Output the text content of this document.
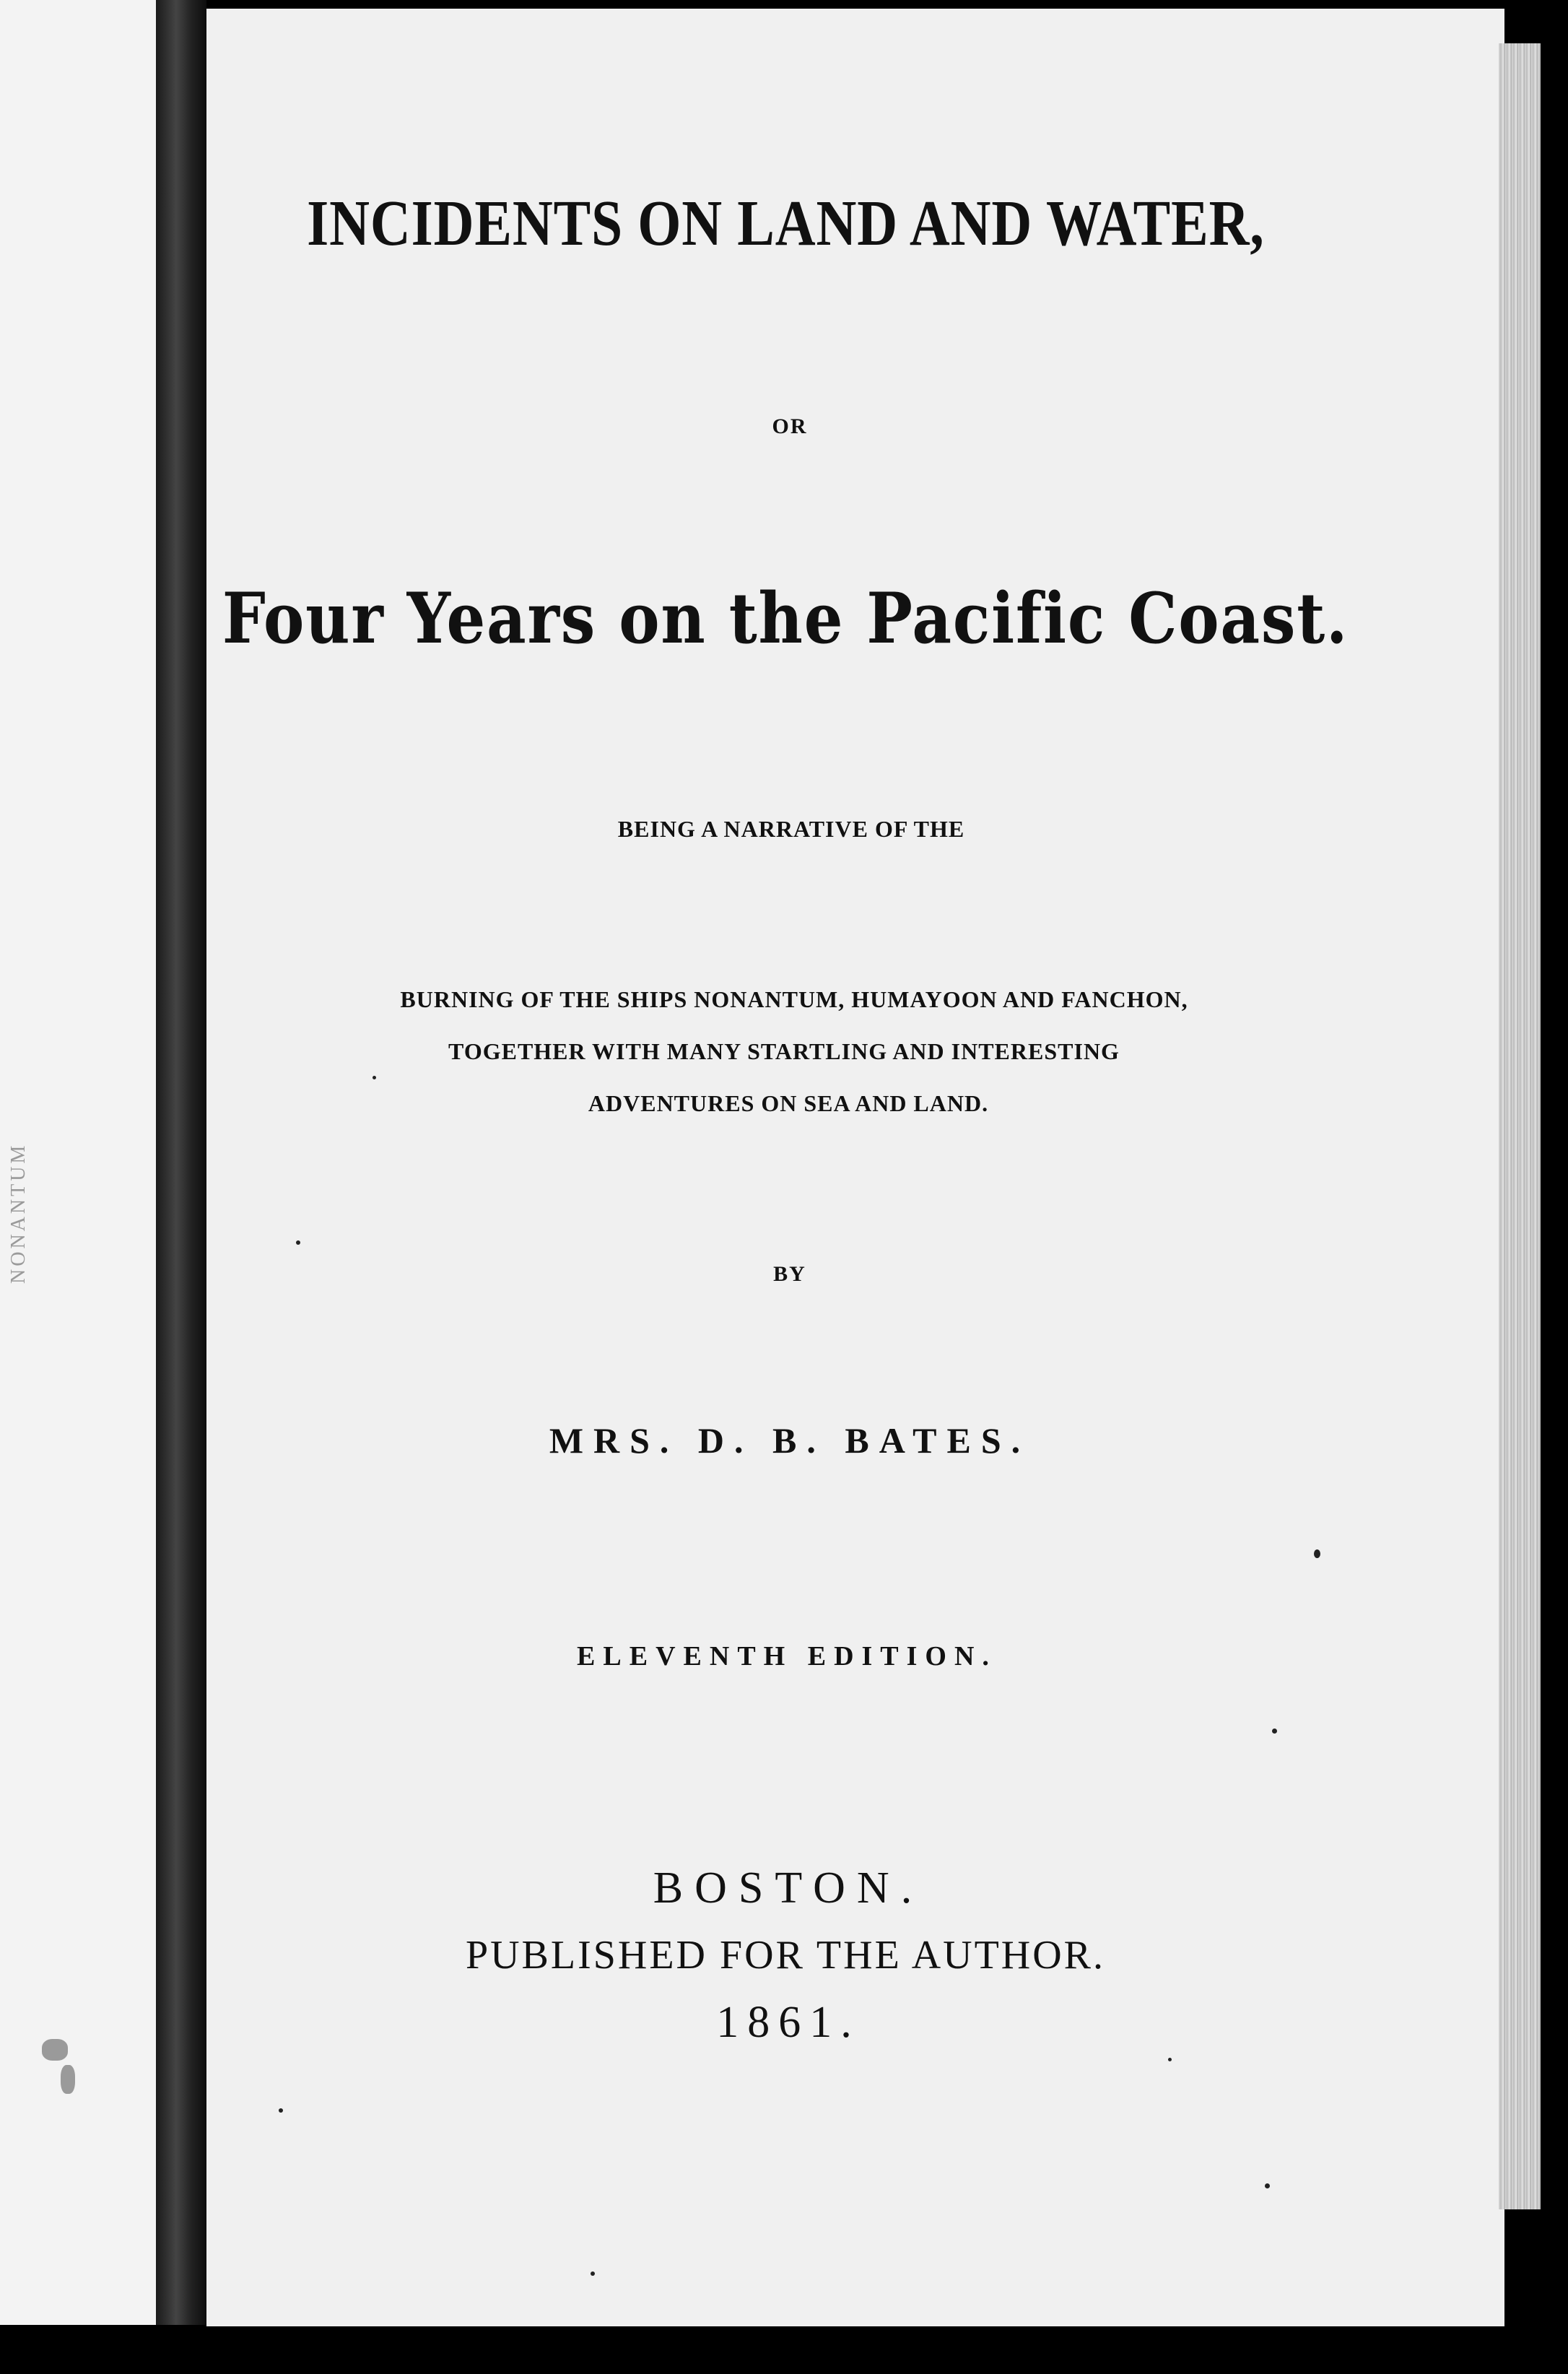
NONANTUM

INCIDENTS ON LAND AND WATER,
OR
Four Years on the Pacific Coast.
BEING A NARRATIVE OF THE
BURNING OF THE SHIPS NONANTUM, HUMAYOON AND FANCHON,
TOGETHER WITH MANY STARTLING AND INTERESTING
ADVENTURES ON SEA AND LAND.
BY
MRS. D. B. BATES.
ELEVENTH EDITION.
BOSTON.
PUBLISHED FOR THE AUTHOR.
1861.
